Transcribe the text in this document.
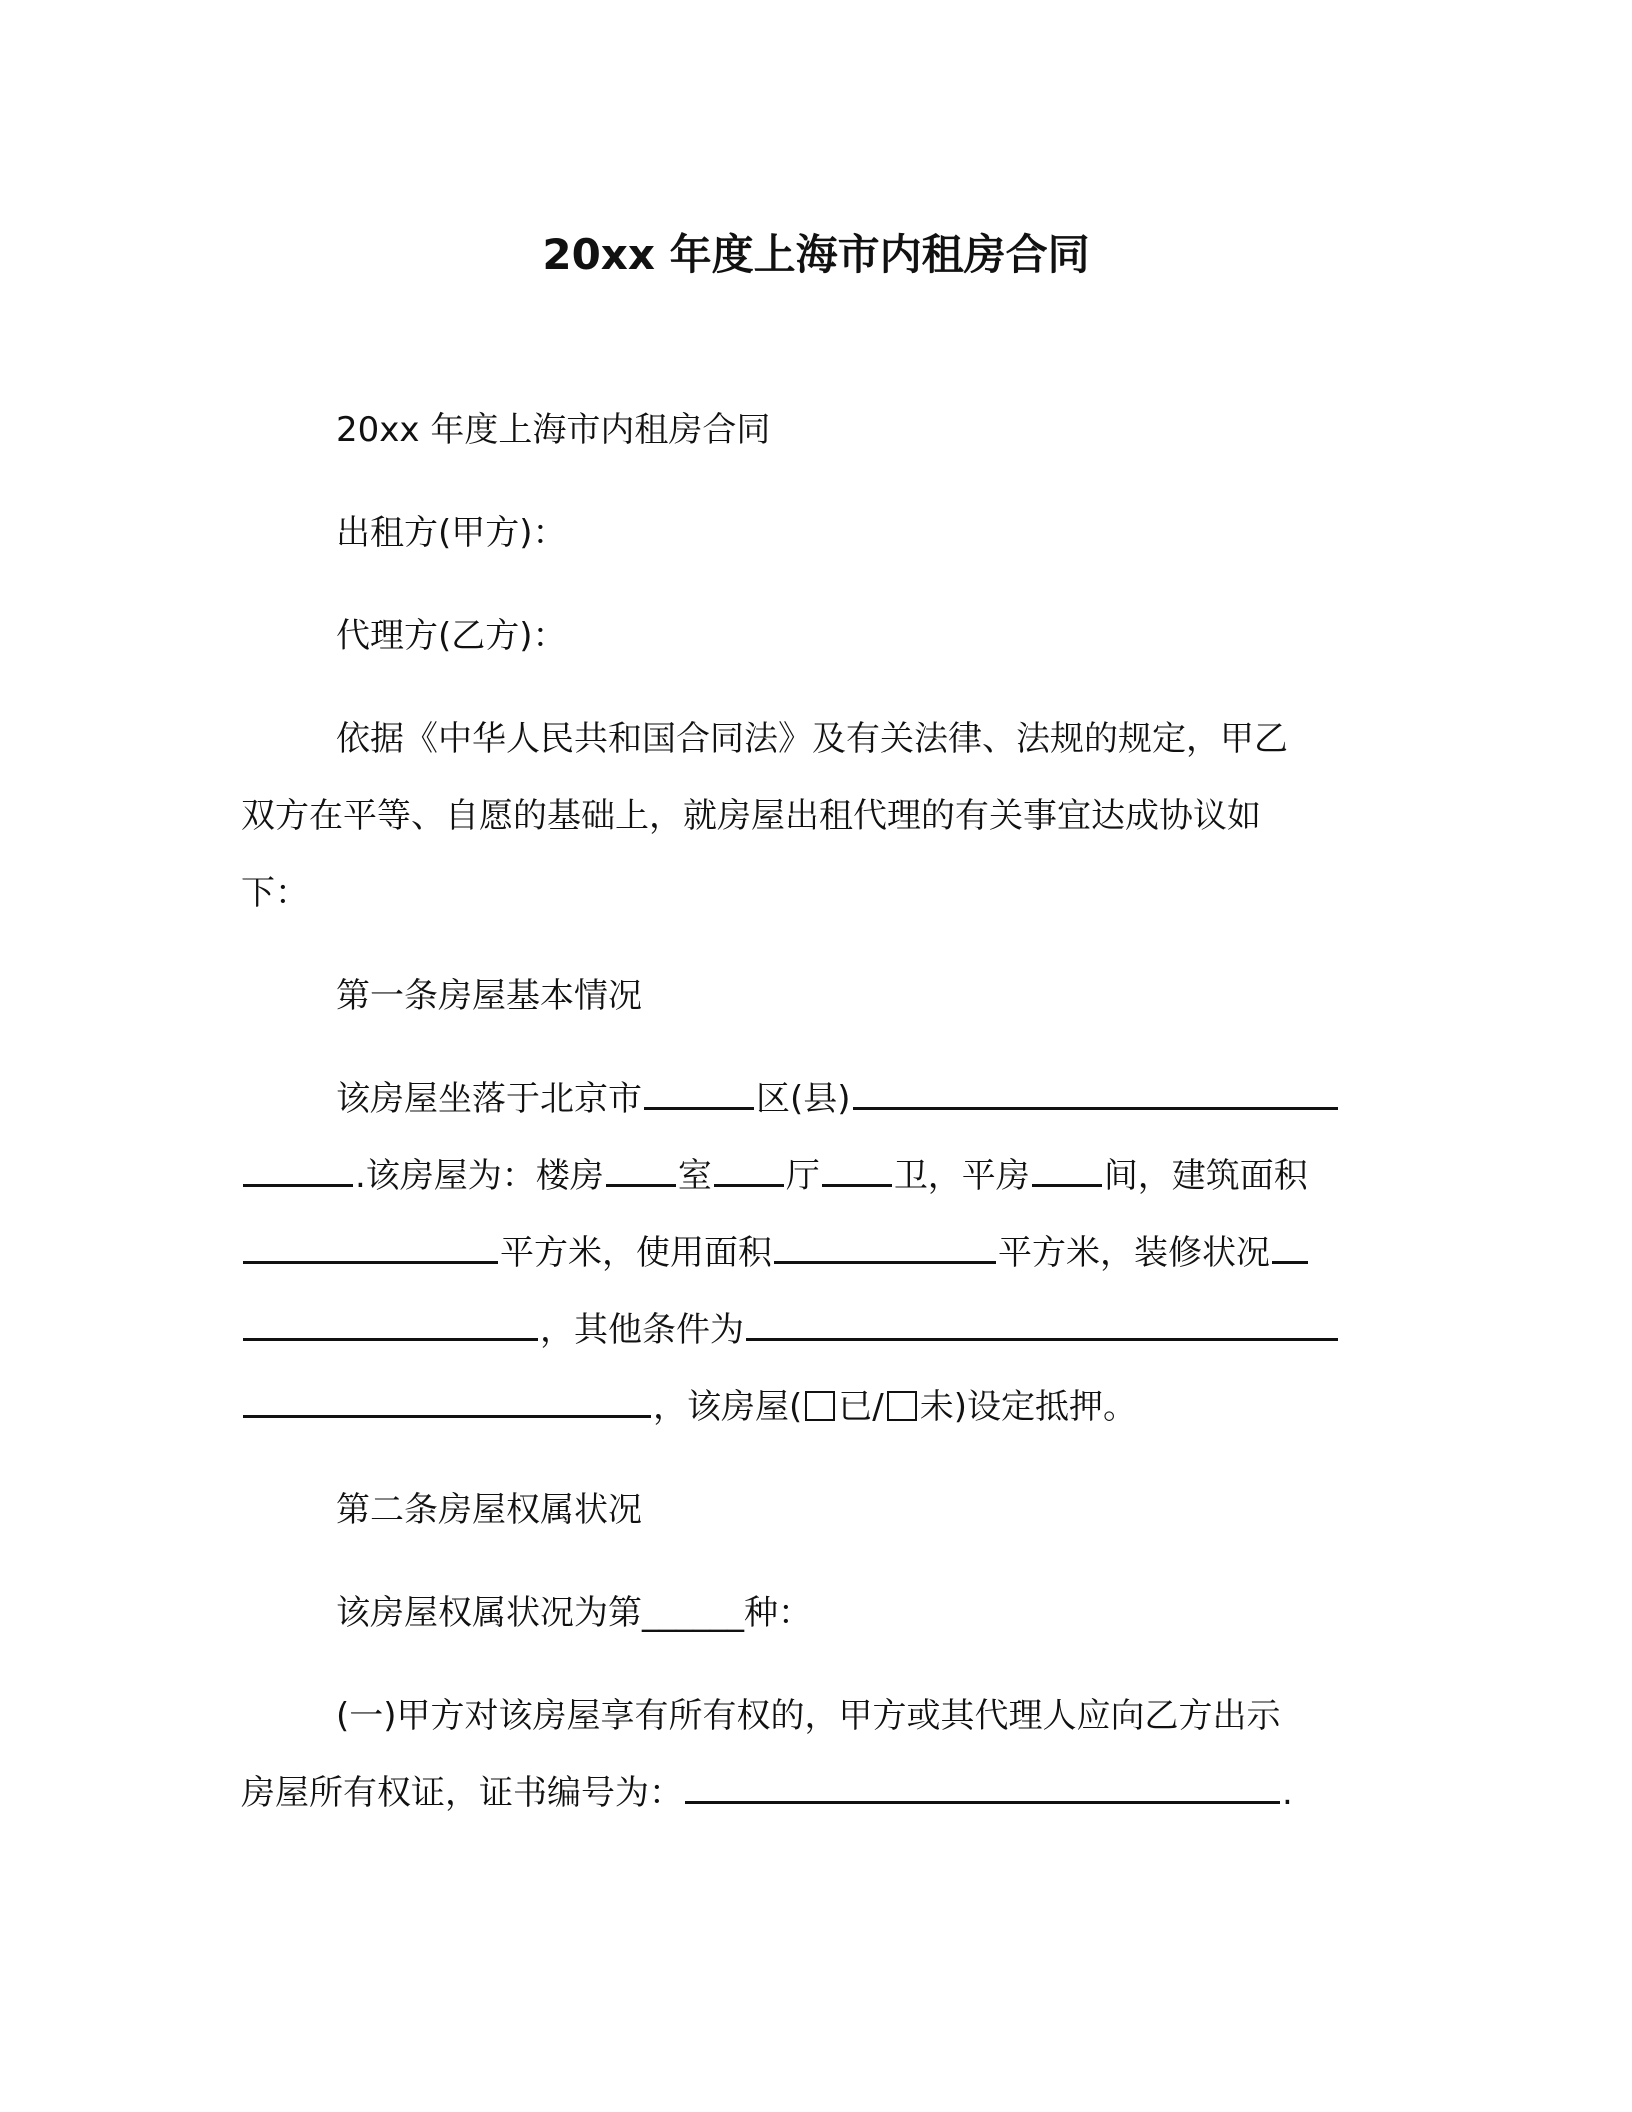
20xx 年度上海市内租房合同

20xx 年度上海市内租房合同

出租方(甲方)：

代理方(乙方)：

依据《中华人民共和国合同法》及有关法律、法规的规定，甲乙

双方在平等、自愿的基础上，就房屋出租代理的有关事宜达成协议如

下：

第一条房屋基本情况

该房屋坐落于北京市	区(县)

.该房屋为：楼房 室 厅 卫，平房 间，建筑面积

平方米，使用面积	平方米，装修状况

，其他条件为

，该房屋( 已/ 未)设定抵押。

第二条房屋权属状况

该房屋权属状况为第______种：

(一)甲方对该房屋享有所有权的，甲方或其代理人应向乙方出示

房屋所有权证，证书编号为：	.
